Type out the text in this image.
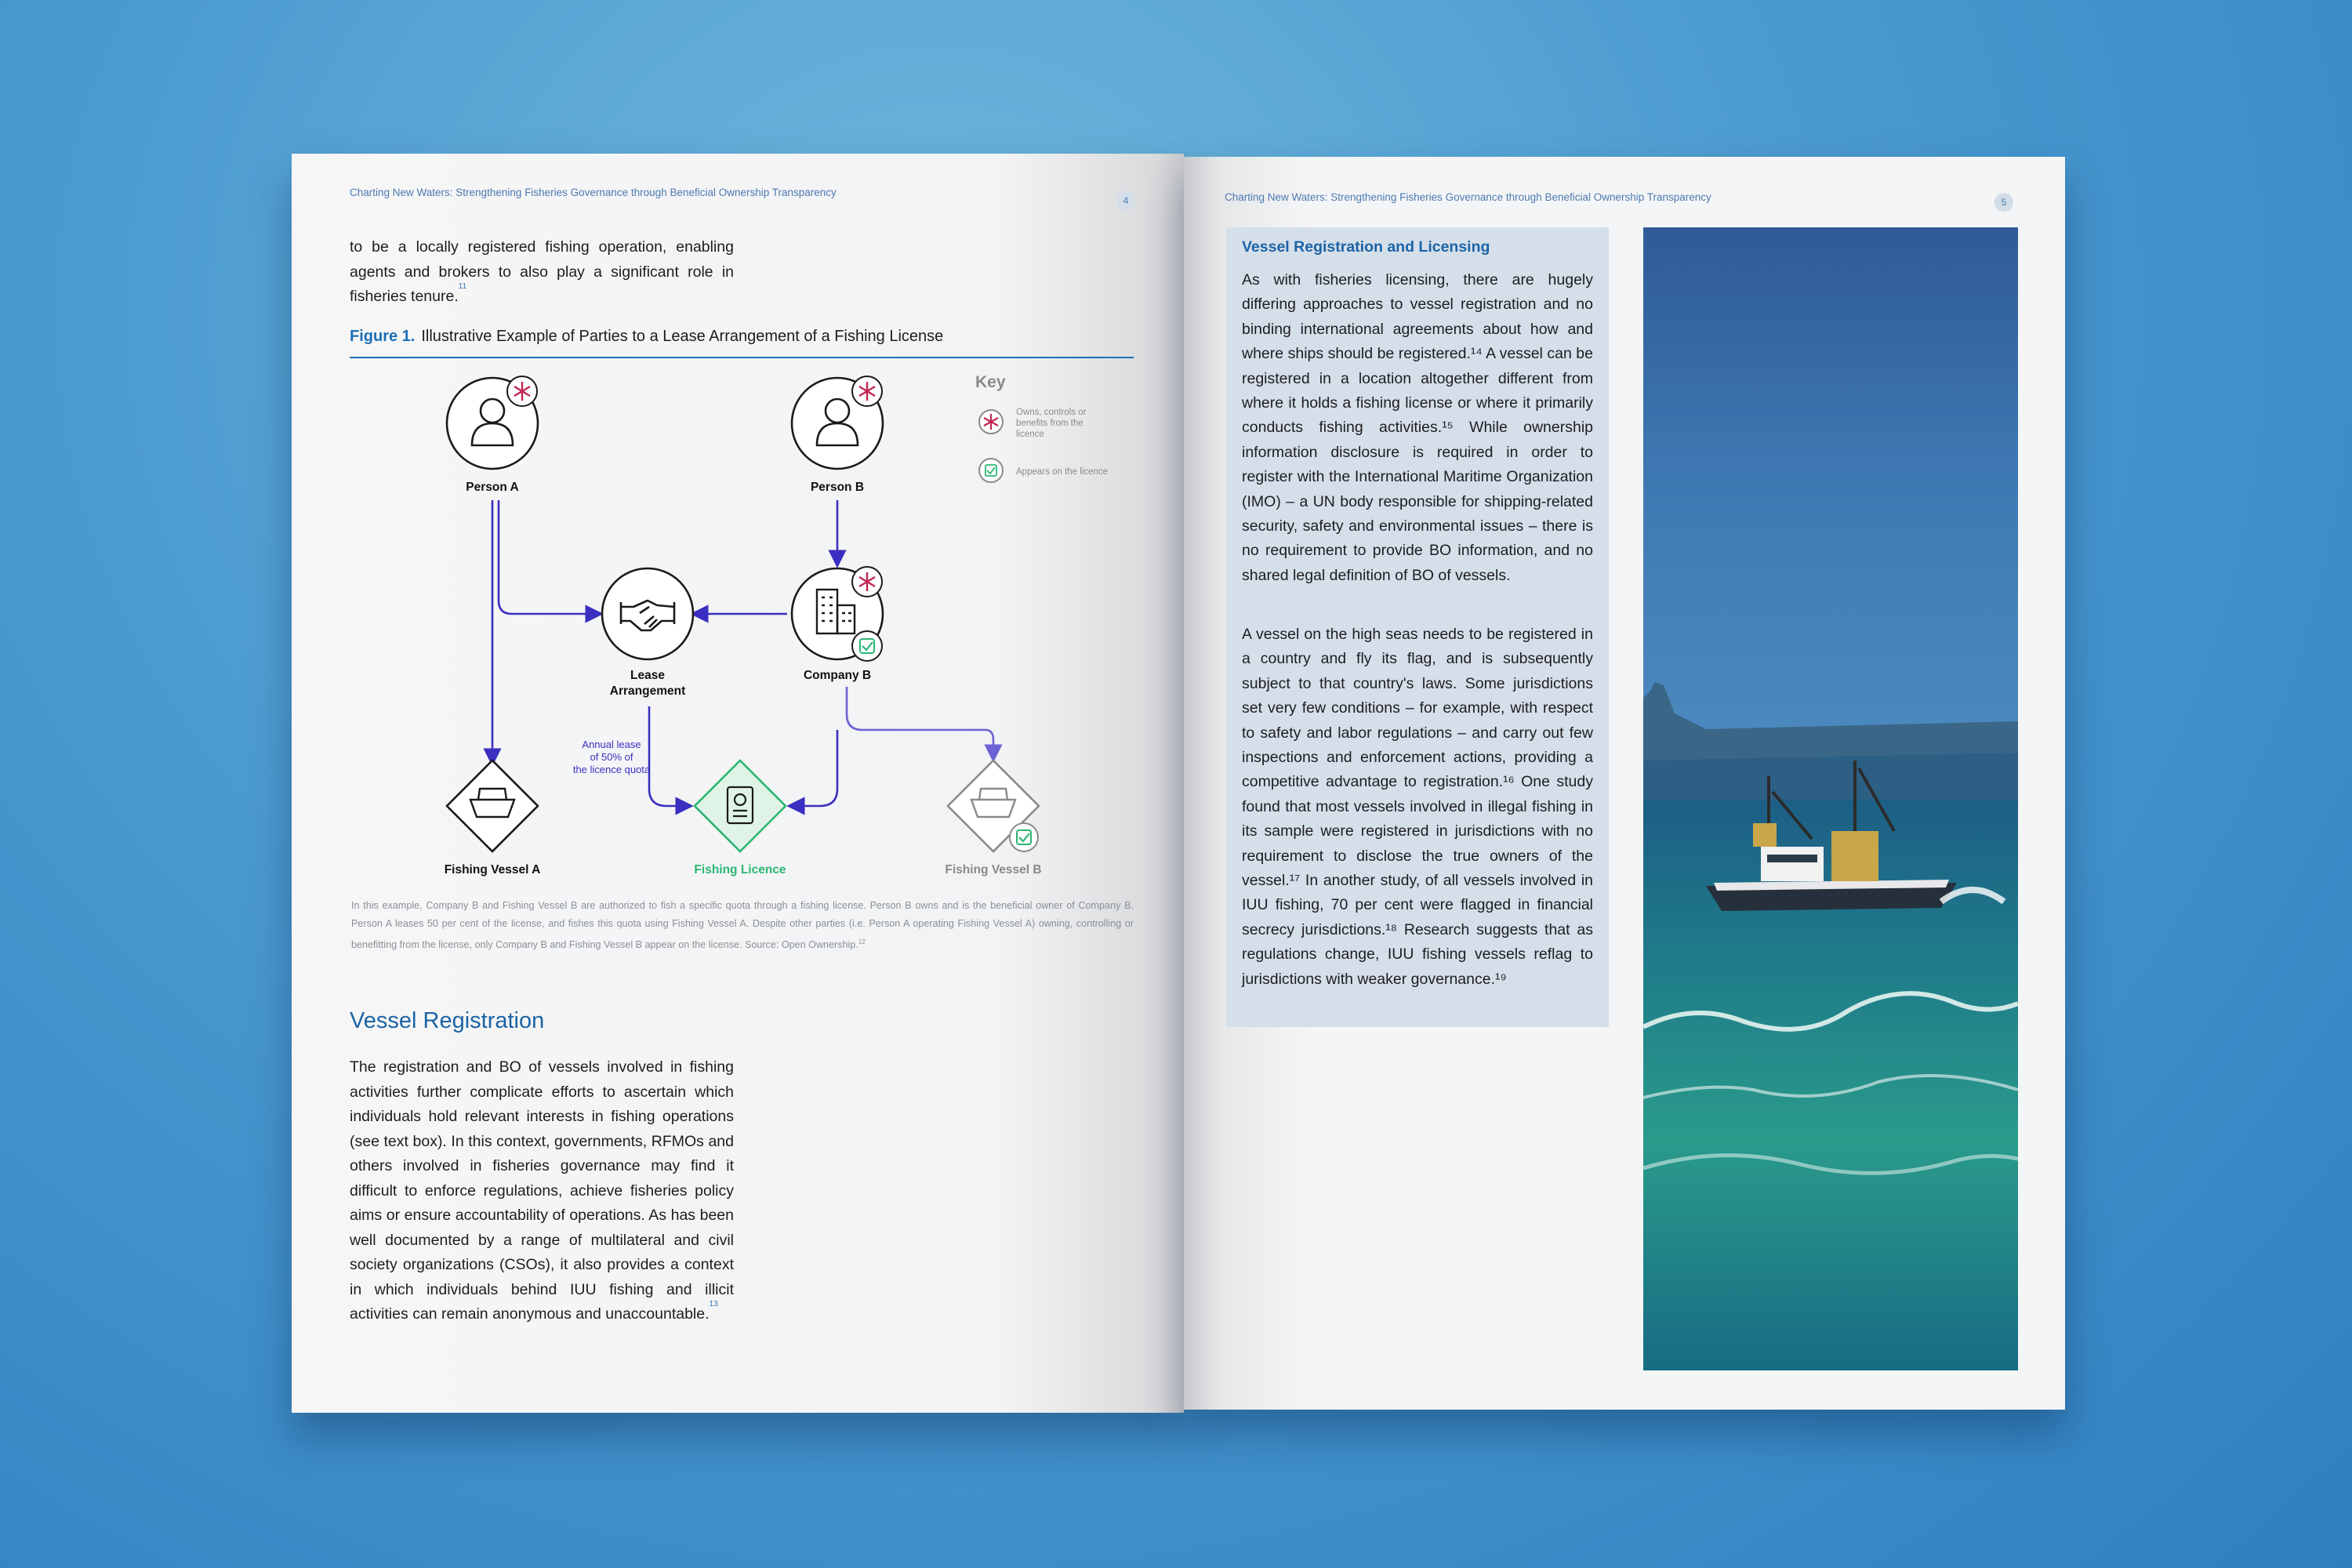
Charting New Waters: Strengthening Fisheries Governance through Beneficial Ownership Transparency
4
to be a locally registered fishing operation, enabling agents and brokers to also play a significant role in fisheries tenure.$^{11}$
Figure 1. Illustrative Example of Parties to a Lease Arrangement of a Fishing License
Person A	Person B
Lease
Arrangement
Company B
Annual lease
of 50% of
the licence quota
Fishing Vessel A	Fishing Licence	Fishing Vessel B
Key
Owns, controls or
benefits from the
licence
Appears on the licence
In this example, Company B and Fishing Vessel B are authorized to fish a specific quota through a fishing license. Person B owns and is the beneficial owner of Company B. Person A leases 50 per cent of the license, and fishes this quota using Fishing Vessel A. Despite other parties (i.e. Person A operating Fishing Vessel A) owning, controlling or benefitting from the license, only Company B and Fishing Vessel B appear on the license. Source: Open Ownership.$^{12}$
Vessel Registration
The registration and BO of vessels involved in fishing activities further complicate efforts to ascertain which individuals hold relevant interests in fishing operations (see text box). In this context, governments, RFMOs and others involved in fisheries governance may find it difficult to enforce regulations, achieve fisheries policy aims or ensure accountability of operations. As has been well documented by a range of multilateral and civil society organizations (CSOs), it also provides a context in which individuals behind IUU fishing and illicit activities can remain anonymous and unaccountable.$^{13}$
Charting New Waters: Strengthening Fisheries Governance through Beneficial Ownership Transparency	5
Vessel Registration and Licensing
As with fisheries licensing, there are hugely differing approaches to vessel registration and no binding international agreements about how and where ships should be registered.¹⁴ A vessel can be registered in a location altogether different from where it holds a fishing license or where it primarily conducts fishing activities.¹⁵ While ownership information disclosure is required in order to register with the International Maritime Organization (IMO) – a UN body responsible for shipping-related security, safety and environmental issues – there is no requirement to provide BO information, and no shared legal definition of BO of vessels.
A vessel on the high seas needs to be registered in a country and fly its flag, and is subsequently subject to that country's laws. Some jurisdictions set very few conditions – for example, with respect to safety and labor regulations – and carry out few inspections and enforcement actions, providing a competitive advantage to registration.¹⁶ One study found that most vessels involved in illegal fishing in its sample were registered in jurisdictions with no requirement to disclose the true owners of the vessel.¹⁷ In another study, of all vessels involved in IUU fishing, 70 per cent were flagged in financial secrecy jurisdictions.¹⁸ Research suggests that as regulations change, IUU fishing vessels reflag to jurisdictions with weaker governance.¹⁹
